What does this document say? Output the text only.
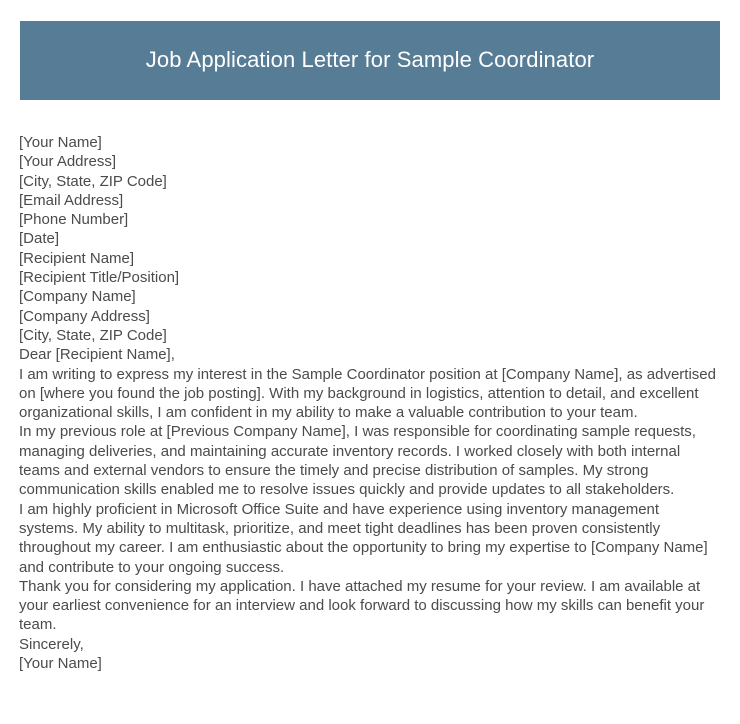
Job Application Letter for Sample Coordinator

[Your Name]

[Your Address]

[City, State, ZIP Code]

[Email Address]

[Phone Number]

[Date]

[Recipient Name]

[Recipient Title/Position]

[Company Name]

[Company Address]

[City, State, ZIP Code]

Dear [Recipient Name],

I am writing to express my interest in the Sample Coordinator position at [Company Name], as advertised on [where you found the job posting]. With my background in logistics, attention to detail, and excellent organizational skills, I am confident in my ability to make a valuable contribution to your team.

In my previous role at [Previous Company Name], I was responsible for coordinating sample requests, managing deliveries, and maintaining accurate inventory records. I worked closely with both internal teams and external vendors to ensure the timely and precise distribution of samples. My strong communication skills enabled me to resolve issues quickly and provide updates to all stakeholders.

I am highly proficient in Microsoft Office Suite and have experience using inventory management systems. My ability to multitask, prioritize, and meet tight deadlines has been proven consistently throughout my career. I am enthusiastic about the opportunity to bring my expertise to [Company Name] and contribute to your ongoing success.

Thank you for considering my application. I have attached my resume for your review. I am available at your earliest convenience for an interview and look forward to discussing how my skills can benefit your team.

Sincerely,

[Your Name]
